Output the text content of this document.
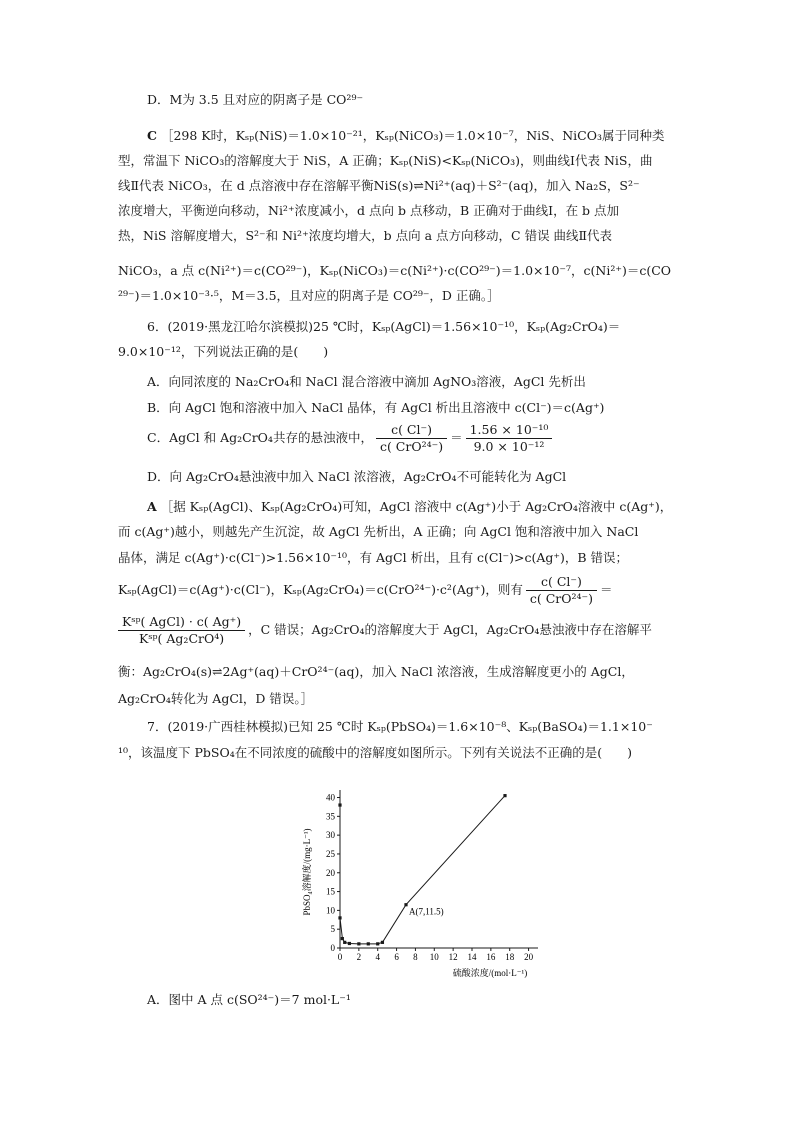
D．M为 3.5 且对应的阴离子是 CO²⁹⁻
C ［298 K时，Kₛₚ(NiS)＝1.0×10⁻²¹，Kₛₚ(NiCO₃)＝1.0×10⁻⁷，NiS、NiCO₃属于同种类
型，常温下 NiCO₃的溶解度大于 NiS，A 正确；Kₛₚ(NiS)<Kₛₚ(NiCO₃)，则曲线Ⅰ代表 NiS，曲
线Ⅱ代表 NiCO₃，在 d 点溶液中存在溶解平衡NiS(s)⇌Ni²⁺(aq)＋S²⁻(aq)，加入 Na₂S，S²⁻
浓度增大，平衡逆向移动，Ni²⁺浓度减小，d 点向 b 点移动，B 正确对于曲线Ⅰ，在 b 点加
热，NiS 溶解度增大，S²⁻和 Ni²⁺浓度均增大，b 点向 a 点方向移动，C 错误 曲线Ⅱ代表
NiCO₃，a 点 c(Ni²⁺)＝c(CO²⁹⁻)，Kₛₚ(NiCO₃)＝c(Ni²⁺)·c(CO²⁹⁻)＝1.0×10⁻⁷，c(Ni²⁺)＝c(CO
²⁹⁻)＝1.0×10⁻³·⁵，M＝3.5，且对应的阴离子是 CO²⁹⁻，D 正确。］
6．(2019·黑龙江哈尔滨模拟)25 ℃时，Kₛₚ(AgCl)＝1.56×10⁻¹⁰，Kₛₚ(Ag₂CrO₄)＝
9.0×10⁻¹²，下列说法正确的是(　　)
A．向同浓度的 Na₂CrO₄和 NaCl 混合溶液中滴加 AgNO₃溶液，AgCl 先析出
B．向 AgCl 饱和溶液中加入 NaCl 晶体，有 AgCl 析出且溶液中 c(Cl⁻)＝c(Ag⁺)
C．AgCl 和 Ag₂CrO₄共存的悬浊液中， $\frac{c( Cl^-)}{\text{c( CrO²⁴⁻)}} = \frac{\text{1.56 × 10⁻¹⁰}}{\text{9.0 × 10⁻¹²}}$
D．向 Ag₂CrO₄悬浊液中加入 NaCl 浓溶液，Ag₂CrO₄不可能转化为 AgCl
A ［据 Kₛₚ(AgCl)、Kₛₚ(Ag₂CrO₄)可知，AgCl 溶液中 c(Ag⁺)小于 Ag₂CrO₄溶液中 c(Ag⁺)，
而 c(Ag⁺)越小，则越先产生沉淀，故 AgCl 先析出，A 正确；向 AgCl 饱和溶液中加入 NaCl
晶体，满足 c(Ag⁺)·c(Cl⁻)>1.56×10⁻¹⁰，有 AgCl 析出，且有 c(Cl⁻)>c(Ag⁺)，B 错误；
Kₛₚ(AgCl)＝c(Ag⁺)·c(Cl⁻)，Kₛₚ(Ag₂CrO₄)＝c(CrO²⁴⁻)·c²(Ag⁺)，则有 $\frac{c( Cl^-)}{\text{c( CrO²⁴⁻)}}$ ＝
$\frac{\text{Kˢᵖ( AgCl) · c( Ag⁺)}}{\text{Kˢᵖ( Ag₂CrO⁴)}}$ ，C 错误；Ag₂CrO₄的溶解度大于 AgCl，Ag₂CrO₄悬浊液中存在溶解平
衡：Ag₂CrO₄(s)⇌2Ag⁺(aq)＋CrO²⁴⁻(aq)，加入 NaCl 浓溶液，生成溶解度更小的 AgCl，
Ag₂CrO₄转化为 AgCl，D 错误。］
7．(2019·广西桂林模拟)已知 25 ℃时 Kₛₚ(PbSO₄)＝1.6×10⁻⁸、Kₛₚ(BaSO₄)＝1.1×10⁻
¹⁰，该温度下 PbSO₄在不同浓度的硫酸中的溶解度如图所示。下列有关说法不正确的是(　　)
0
5
10
15
20
25
30
35
40
0 2 4 6 8 10 12 14 16 18 20
PbSO₄溶解度/(mg·L⁻¹)
硫酸浓度/(mol·L⁻¹)
A(7,11.5)
A．图中 A 点 c(SO²⁴⁻)＝7 mol·L⁻¹
